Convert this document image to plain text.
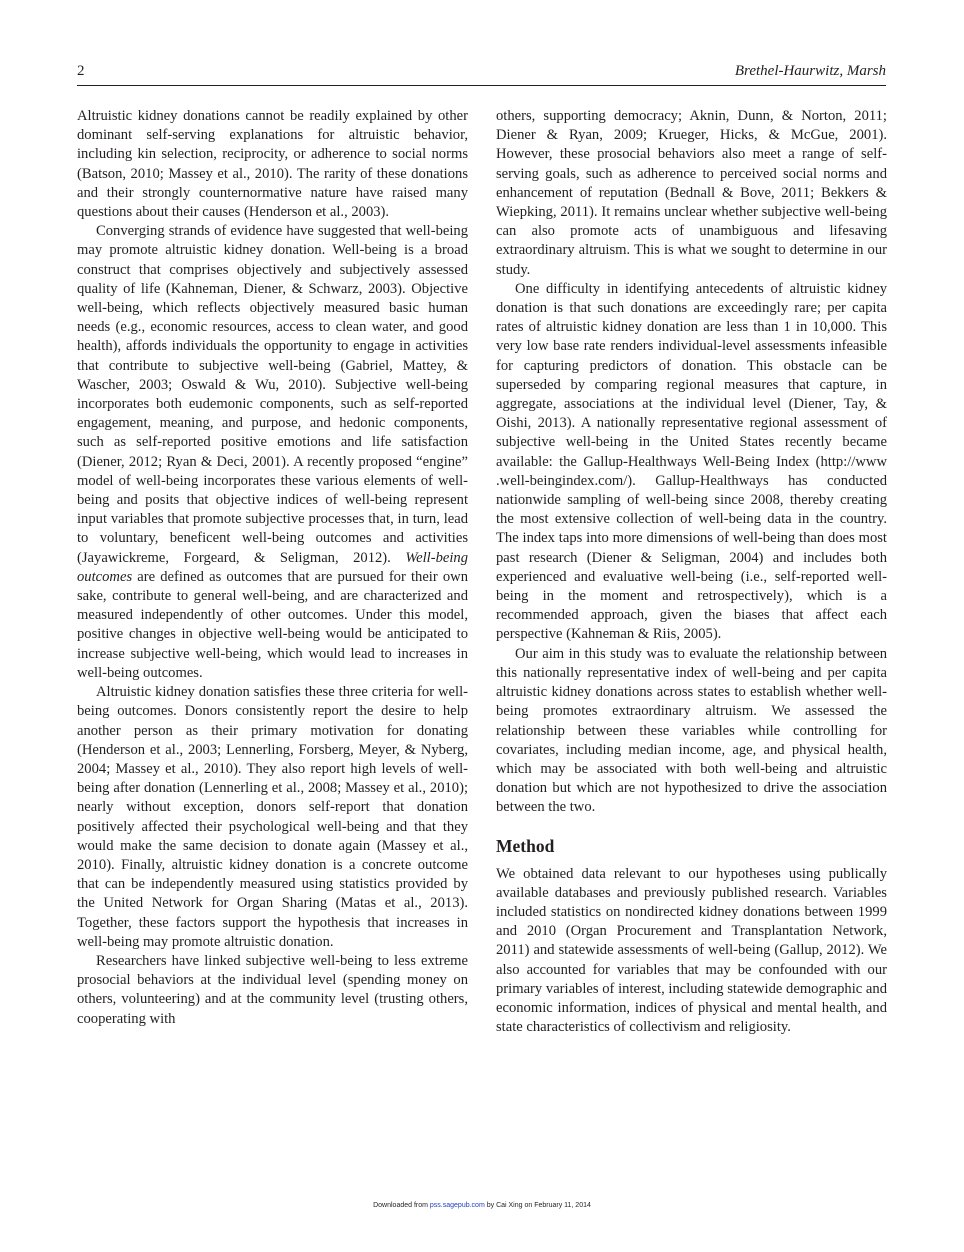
2	Brethel-Haurwitz, Marsh

Altruistic kidney donations cannot be readily explained by other dominant self-serving explanations for altruistic behavior, including kin selection, reciprocity, or adherence to social norms (Batson, 2010; Massey et al., 2010). The rarity of these donations and their strongly counternormative nature have raised many questions about their causes (Henderson et al., 2003).

Converging strands of evidence have suggested that well-being may promote altruistic kidney donation. Well-being is a broad construct that comprises objectively and subjectively assessed quality of life (Kahneman, Diener, & Schwarz, 2003). Objective well-being, which reflects objectively measured basic human needs (e.g., economic resources, access to clean water, and good health), affords individuals the opportunity to engage in activities that contribute to subjective well-being (Gabriel, Mattey, & Wascher, 2003; Oswald & Wu, 2010). Subjective well-being incorporates both eudemonic components, such as self-reported engagement, meaning, and purpose, and hedonic components, such as self-reported positive emotions and life satisfaction (Diener, 2012; Ryan & Deci, 2001). A recently proposed “engine” model of well-being incorporates these various elements of well-being and posits that objective indices of well-being represent input variables that promote subjective processes that, in turn, lead to voluntary, beneficent well-being outcomes and activities (Jayawickreme, Forgeard, & Seligman, 2012). Well-being outcomes are defined as outcomes that are pursued for their own sake, contribute to general well-being, and are characterized and measured independently of other outcomes. Under this model, positive changes in objective well-being would be anticipated to increase subjective well-being, which would lead to increases in well-being outcomes.

Altruistic kidney donation satisfies these three criteria for well-being outcomes. Donors consistently report the desire to help another person as their primary motivation for donating (Henderson et al., 2003; Lennerling, Forsberg, Meyer, & Nyberg, 2004; Massey et al., 2010). They also report high levels of well-being after donation (Lennerling et al., 2008; Massey et al., 2010); nearly without exception, donors self-report that donation positively affected their psychological well-being and that they would make the same decision to donate again (Massey et al., 2010). Finally, altruistic kidney donation is a concrete outcome that can be independently measured using statistics provided by the United Network for Organ Sharing (Matas et al., 2013). Together, these factors support the hypothesis that increases in well-being may promote altruistic donation.

Researchers have linked subjective well-being to less extreme prosocial behaviors at the individual level (spending money on others, volunteering) and at the community level (trusting others, cooperating with

others, supporting democracy; Aknin, Dunn, & Norton, 2011; Diener & Ryan, 2009; Krueger, Hicks, & McGue, 2001). However, these prosocial behaviors also meet a range of self-serving goals, such as adherence to perceived social norms and enhancement of reputation (Bednall & Bove, 2011; Bekkers & Wiepking, 2011). It remains unclear whether subjective well-being can also promote acts of unambiguous and lifesaving extraordinary altruism. This is what we sought to determine in our study.

One difficulty in identifying antecedents of altruistic kidney donation is that such donations are exceedingly rare; per capita rates of altruistic kidney donation are less than 1 in 10,000. This very low base rate renders individual-level assessments infeasible for capturing predictors of donation. This obstacle can be superseded by comparing regional measures that capture, in aggregate, associations at the individual level (Diener, Tay, & Oishi, 2013). A nationally representative regional assessment of subjective well-being in the United States recently became available: the Gallup-Healthways Well-Being Index (http://www .well-beingindex.com/). Gallup-Healthways has conducted nationwide sampling of well-being since 2008, thereby creating the most extensive collection of well-being data in the country. The index taps into more dimensions of well-being than does most past research (Diener & Seligman, 2004) and includes both experienced and evaluative well-being (i.e., self-reported well-being in the moment and retrospectively), which is a recommended approach, given the biases that affect each perspective (Kahneman & Riis, 2005).

Our aim in this study was to evaluate the relationship between this nationally representative index of well-being and per capita altruistic kidney donations across states to establish whether well-being promotes extraordinary altruism. We assessed the relationship between these variables while controlling for covariates, including median income, age, and physical health, which may be associated with both well-being and altruistic donation but which are not hypothesized to drive the association between the two.

Method

We obtained data relevant to our hypotheses using publically available databases and previously published research. Variables included statistics on nondirected kidney donations between 1999 and 2010 (Organ Procurement and Transplantation Network, 2011) and statewide assessments of well-being (Gallup, 2012). We also accounted for variables that may be confounded with our primary variables of interest, including statewide demographic and economic information, indices of physical and mental health, and state characteristics of collectivism and religiosity.

Downloaded from pss.sagepub.com by Cai Xing on February 11, 2014
